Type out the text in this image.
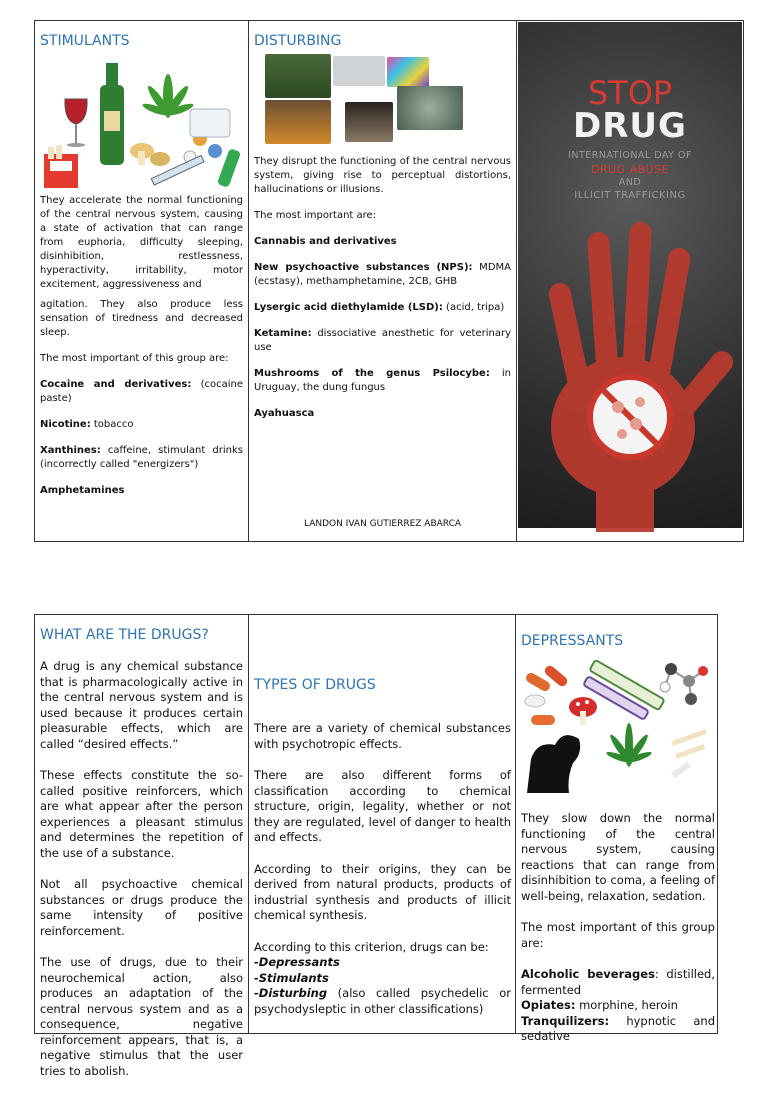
STIMULANTS

They accelerate the normal functioning of the central nervous system, causing a state of activation that can range from euphoria, difficulty sleeping, disinhibition, restlessness, hyperactivity, irritability, motor excitement, aggressiveness and

agitation. They also produce less sensation of tiredness and decreased sleep.

The most important of this group are:

Cocaine and derivatives: (cocaine paste)

Nicotine: tobacco

Xanthines: caffeine, stimulant drinks (incorrectly called "energizers")

Amphetamines

DISTURBING

They disrupt the functioning of the central nervous system, giving rise to perceptual distortions, hallucinations or illusions.

The most important are:

Cannabis and derivatives

New psychoactive substances (NPS): MDMA (ecstasy), methamphetamine, 2CB, GHB

Lysergic acid diethylamide (LSD): (acid, tripa)

Ketamine: dissociative anesthetic for veterinary use

Mushrooms of the genus Psilocybe: in Uruguay, the dung fungus

Ayahuasca

LANDON IVAN GUTIERREZ ABARCA
STOP
DRUG
INTERNATIONAL DAY OF
DRUG ABUSE
AND
ILLICIT TRAFFICKING
WHAT ARE THE DRUGS?

A drug is any chemical substance that is pharmacologically active in the central nervous system and is used because it produces certain pleasurable effects, which are called “desired effects.”

These effects constitute the so-called positive reinforcers, which are what appear after the person experiences a pleasant stimulus and determines the repetition of the use of a substance.

Not all psychoactive chemical substances or drugs produce the same intensity of positive reinforcement.

The use of drugs, due to their neurochemical action, also produces an adaptation of the central nervous system and as a consequence, negative reinforcement appears, that is, a negative stimulus that the user tries to abolish.

TYPES OF DRUGS

There are a variety of chemical substances with psychotropic effects.

There are also different forms of classification according to chemical structure, origin, legality, whether or not they are regulated, level of danger to health and effects.

According to their origins, they can be derived from natural products, products of industrial synthesis and products of illicit chemical synthesis.

According to this criterion, drugs can be:

-Depressants
-Stimulants
-Disturbing (also called psychedelic or psychodysleptic in other classifications)
DEPRESSANTS

They slow down the normal functioning of the central nervous system, causing reactions that can range from disinhibition to coma, a feeling of well-being, relaxation, sedation.

The most important of this group are:

Alcoholic beverages: distilled, fermented
Opiates: morphine, heroin
Tranquilizers: hypnotic and sedative
